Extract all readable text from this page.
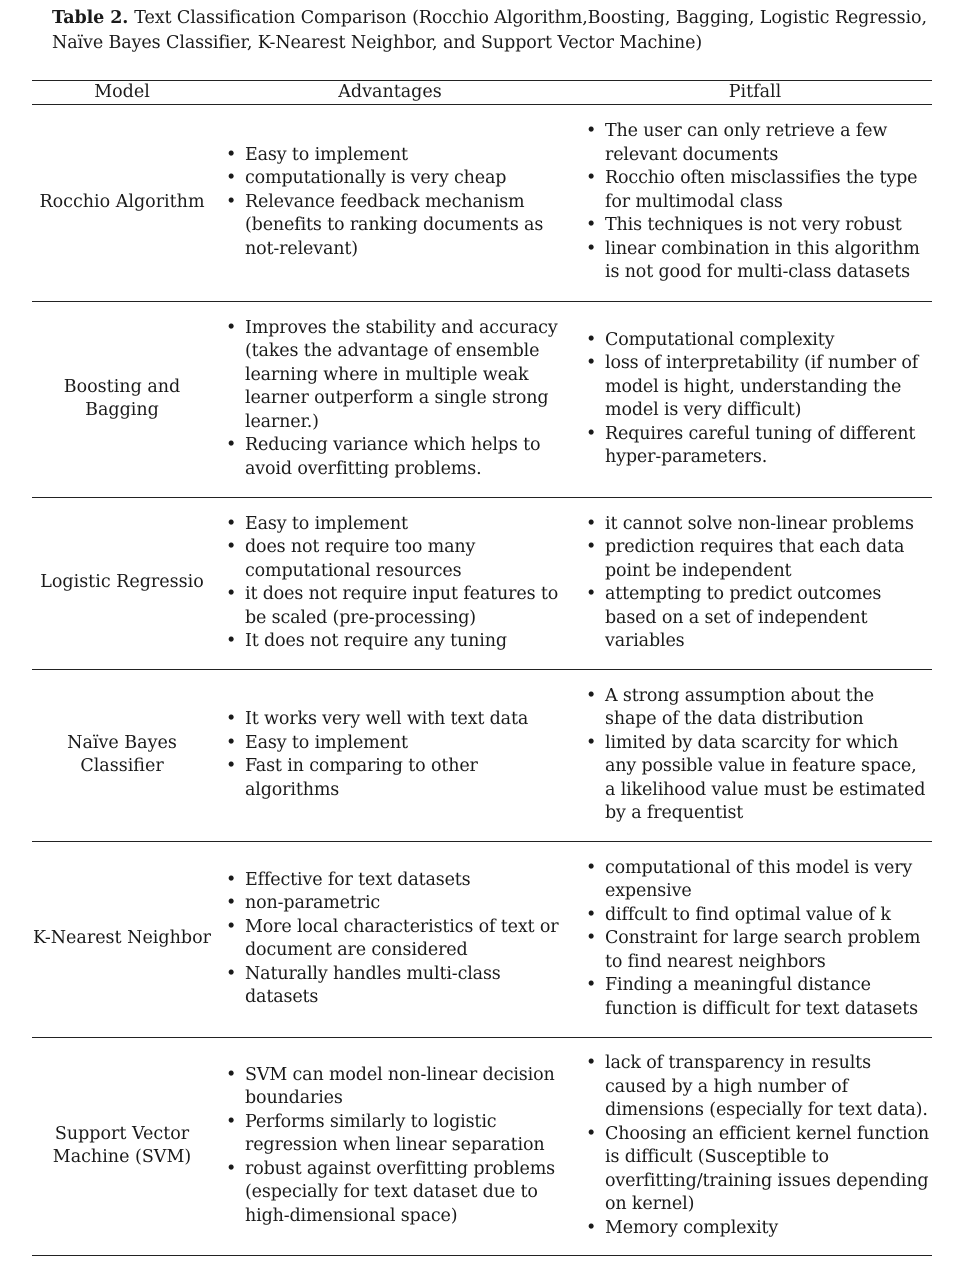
Table 2. Text Classification Comparison (Rocchio Algorithm,Boosting, Bagging, Logistic Regressio, Naïve Bayes Classifier, K-Nearest Neighbor, and Support Vector Machine)
Model	Advantages	Pitfall
Rocchio Algorithm
• Easy to implement
• computationally is very cheap
• Relevance feedback mechanism (benefits to ranking documents as not-relevant)
• The user can only retrieve a few relevant documents
• Rocchio often misclassifies the type for multimodal class
• This techniques is not very robust
• linear combination in this algorithm is not good for multi-class datasets
Boosting and Bagging
• Improves the stability and accuracy (takes the advantage of ensemble learning where in multiple weak learner outperform a single strong learner.)
• Reducing variance which helps to avoid overfitting problems.
• Computational complexity
• loss of interpretability (if number of model is hight, understanding the model is very difficult)
• Requires careful tuning of different hyper-parameters.
Logistic Regressio
• Easy to implement
• does not require too many computational resources
• it does not require input features to be scaled (pre-processing)
• It does not require any tuning
• it cannot solve non-linear problems
• prediction requires that each data point be independent
• attempting to predict outcomes based on a set of independent variables
Naïve Bayes Classifier
• It works very well with text data
• Easy to implement
• Fast in comparing to other algorithms
• A strong assumption about the shape of the data distribution
• limited by data scarcity for which any possible value in feature space, a likelihood value must be estimated by a frequentist
K-Nearest Neighbor
• Effective for text datasets
• non-parametric
• More local characteristics of text or document are considered
• Naturally handles multi-class datasets
• computational of this model is very expensive
• diffcult to find optimal value of k
• Constraint for large search problem to find nearest neighbors
• Finding a meaningful distance function is difficult for text datasets
Support Vector Machine (SVM)
• SVM can model non-linear decision boundaries
• Performs similarly to logistic regression when linear separation
• robust against overfitting problems (especially for text dataset due to high-dimensional space)
• lack of transparency in results caused by a high number of dimensions (especially for text data).
• Choosing an efficient kernel function is difficult (Susceptible to overfitting/training issues depending on kernel)
• Memory complexity
